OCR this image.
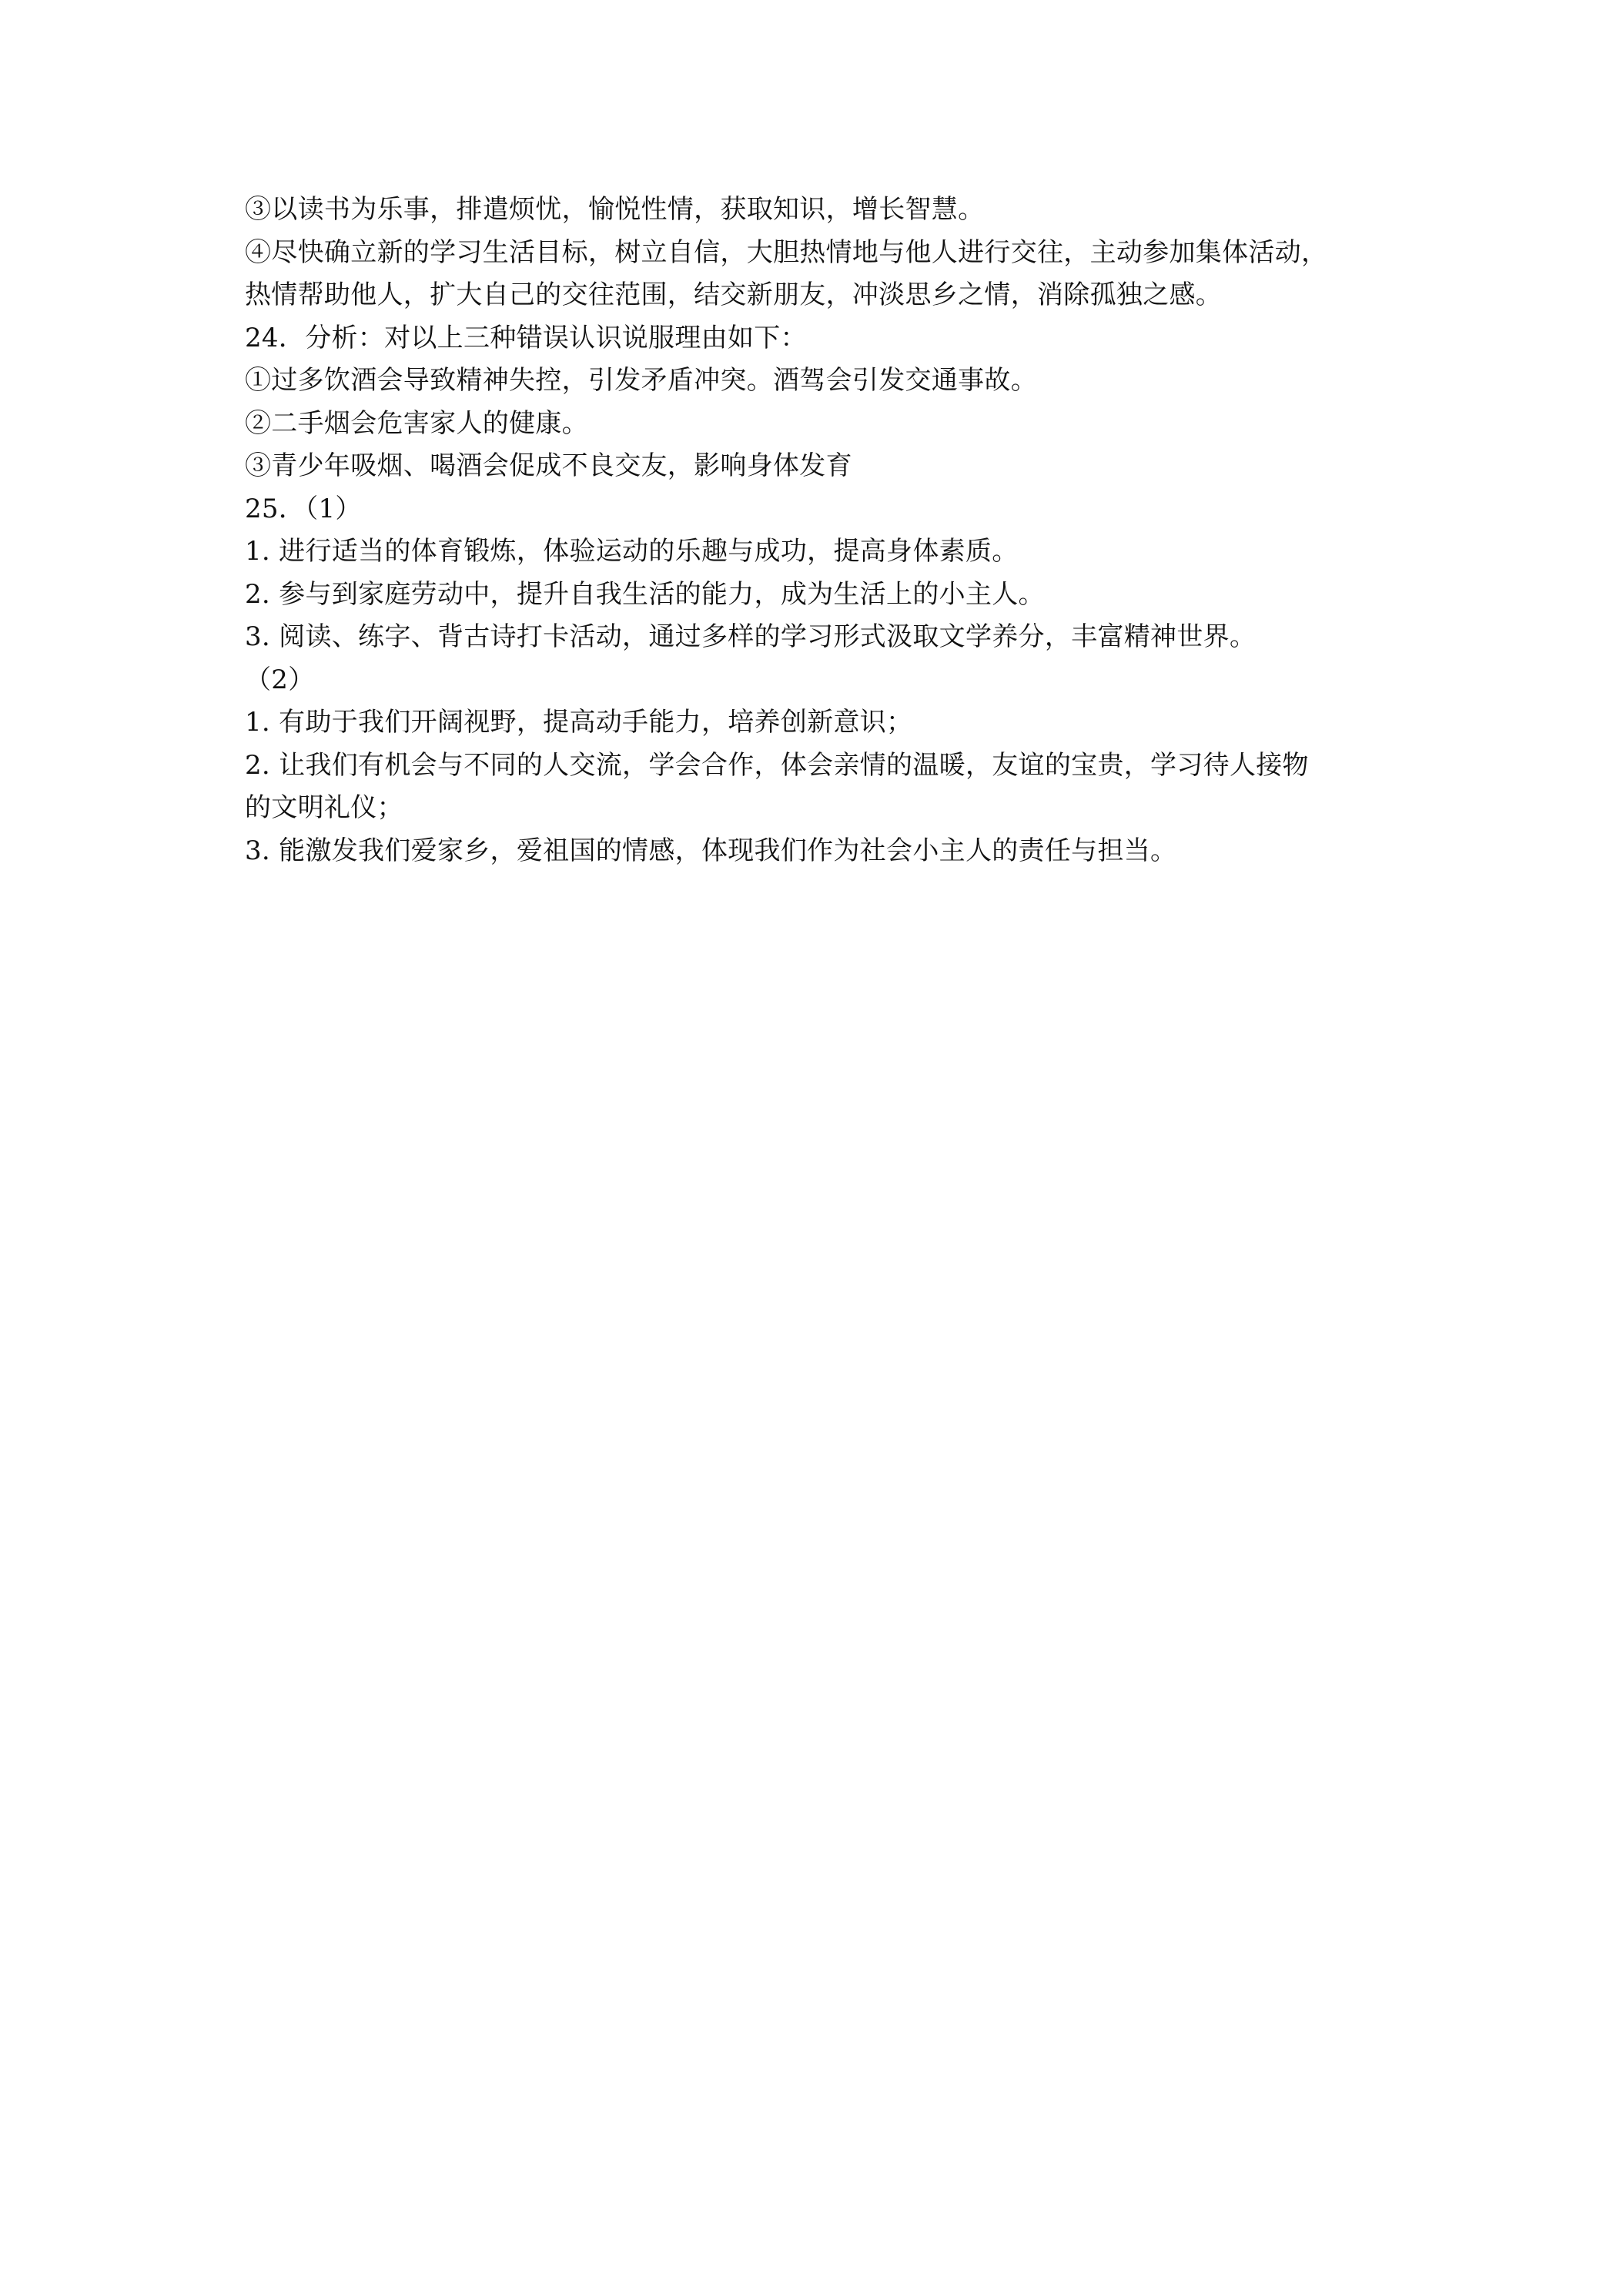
③以读书为乐事，排遣烦忧，愉悦性情，获取知识，增长智慧。
④尽快确立新的学习生活目标，树立自信，大胆热情地与他人进行交往，主动参加集体活动，
热情帮助他人，扩大自己的交往范围，结交新朋友，冲淡思乡之情，消除孤独之感。
24．分析：对以上三种错误认识说服理由如下：
①过多饮酒会导致精神失控，引发矛盾冲突。酒驾会引发交通事故。
②二手烟会危害家人的健康。
③青少年吸烟、喝酒会促成不良交友，影响身体发育
25．（1）
1. 进行适当的体育锻炼，体验运动的乐趣与成功，提高身体素质。
2. 参与到家庭劳动中，提升自我生活的能力，成为生活上的小主人。
3. 阅读、练字、背古诗打卡活动，通过多样的学习形式汲取文学养分，丰富精神世界。
（2）
1. 有助于我们开阔视野，提高动手能力，培养创新意识；
2. 让我们有机会与不同的人交流，学会合作，体会亲情的温暖，友谊的宝贵，学习待人接物
的文明礼仪；
3. 能激发我们爱家乡，爱祖国的情感，体现我们作为社会小主人的责任与担当。
